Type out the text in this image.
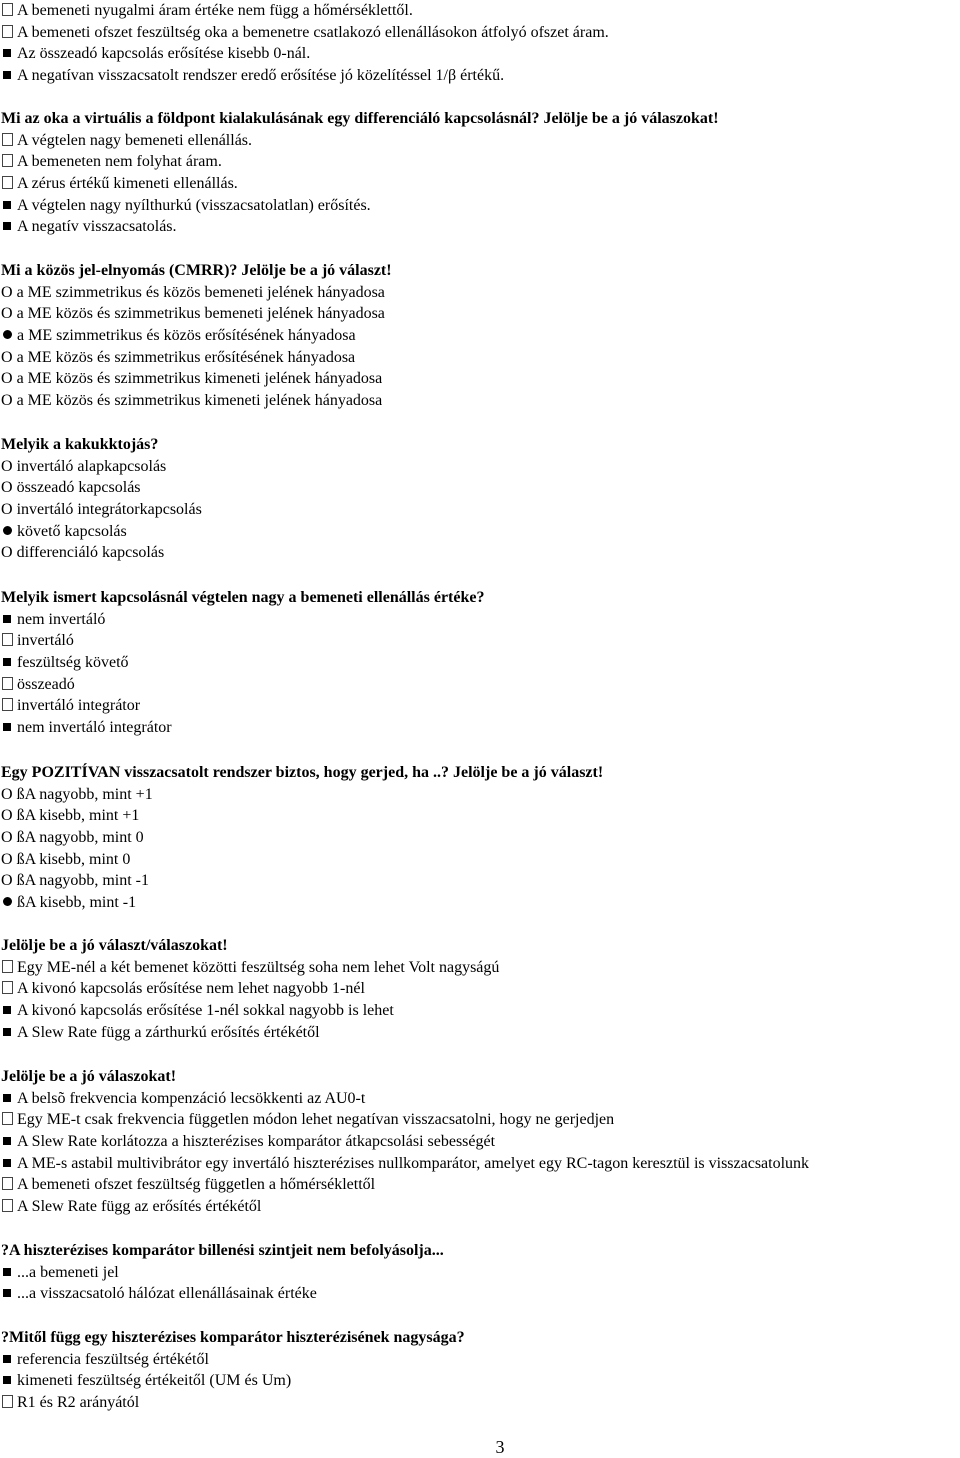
A bemeneti nyugalmi áram értéke nem függ a hőmérséklettől.
A bemeneti ofszet feszültség oka a bemenetre csatlakozó ellenállásokon átfolyó ofszet áram.
Az összeadó kapcsolás erősítése kisebb 0-nál.
A negatívan visszacsatolt rendszer eredő erősítése jó közelítéssel 1/β értékű.
Mi az oka a virtuális a földpont kialakulásának egy differenciáló kapcsolásnál? Jelölje be a jó válaszokat!
A végtelen nagy bemeneti ellenállás.
A bemeneten nem folyhat áram.
A zérus értékű kimeneti ellenállás.
A végtelen nagy nyílthurkú (visszacsatolatlan) erősítés.
A negatív visszacsatolás.
Mi a közös jel-elnyomás (CMRR)? Jelölje be a jó választ!
O a ME szimmetrikus és közös bemeneti jelének hányadosa
O a ME közös és szimmetrikus bemeneti jelének hányadosa
a ME szimmetrikus és közös erősítésének hányadosa
O a ME közös és szimmetrikus erősítésének hányadosa
O a ME közös és szimmetrikus kimeneti jelének hányadosa
O a ME közös és szimmetrikus kimeneti jelének hányadosa
Melyik a kakukktojás?
O invertáló alapkapcsolás
O összeadó kapcsolás
O invertáló integrátorkapcsolás
követő kapcsolás
O differenciáló kapcsolás
Melyik ismert kapcsolásnál végtelen nagy a bemeneti ellenállás értéke?
nem invertáló
invertáló
feszültség követő
összeadó
invertáló integrátor
nem invertáló integrátor
Egy POZITÍVAN visszacsatolt rendszer biztos, hogy gerjed, ha ..? Jelölje be a jó választ!
O ßA nagyobb, mint +1
O ßA kisebb, mint +1
O ßA nagyobb, mint 0
O ßA kisebb, mint 0
O ßA nagyobb, mint -1
ßA kisebb, mint -1
Jelölje be a jó választ/válaszokat!
Egy ME-nél a két bemenet közötti feszültség soha nem lehet Volt nagyságú
A kivonó kapcsolás erősítése nem lehet nagyobb 1-nél
A kivonó kapcsolás erősítése 1-nél sokkal nagyobb is lehet
A Slew Rate függ a zárthurkú erősítés értékétől
Jelölje be a jó válaszokat!
A belsõ frekvencia kompenzáció lecsökkenti az AU0-t
Egy ME-t csak frekvencia független módon lehet negatívan visszacsatolni, hogy ne gerjedjen
A Slew Rate korlátozza a hiszterézises komparátor átkapcsolási sebességét
A ME-s astabil multivibrátor egy invertáló hiszterézises nullkomparátor, amelyet egy RC-tagon keresztül is visszacsatolunk
A bemeneti ofszet feszültség független a hőmérséklettől
A Slew Rate függ az erősítés értékétől
?A hiszterézises komparátor billenési szintjeit nem befolyásolja...
...a bemeneti jel
...a visszacsatoló hálózat ellenállásainak értéke
?Mitől függ egy hiszterézises komparátor hiszterézisének nagysága?
referencia feszültség értékétől
kimeneti feszültség értékeitől (UM és Um)
R1 és R2 arányától
3
